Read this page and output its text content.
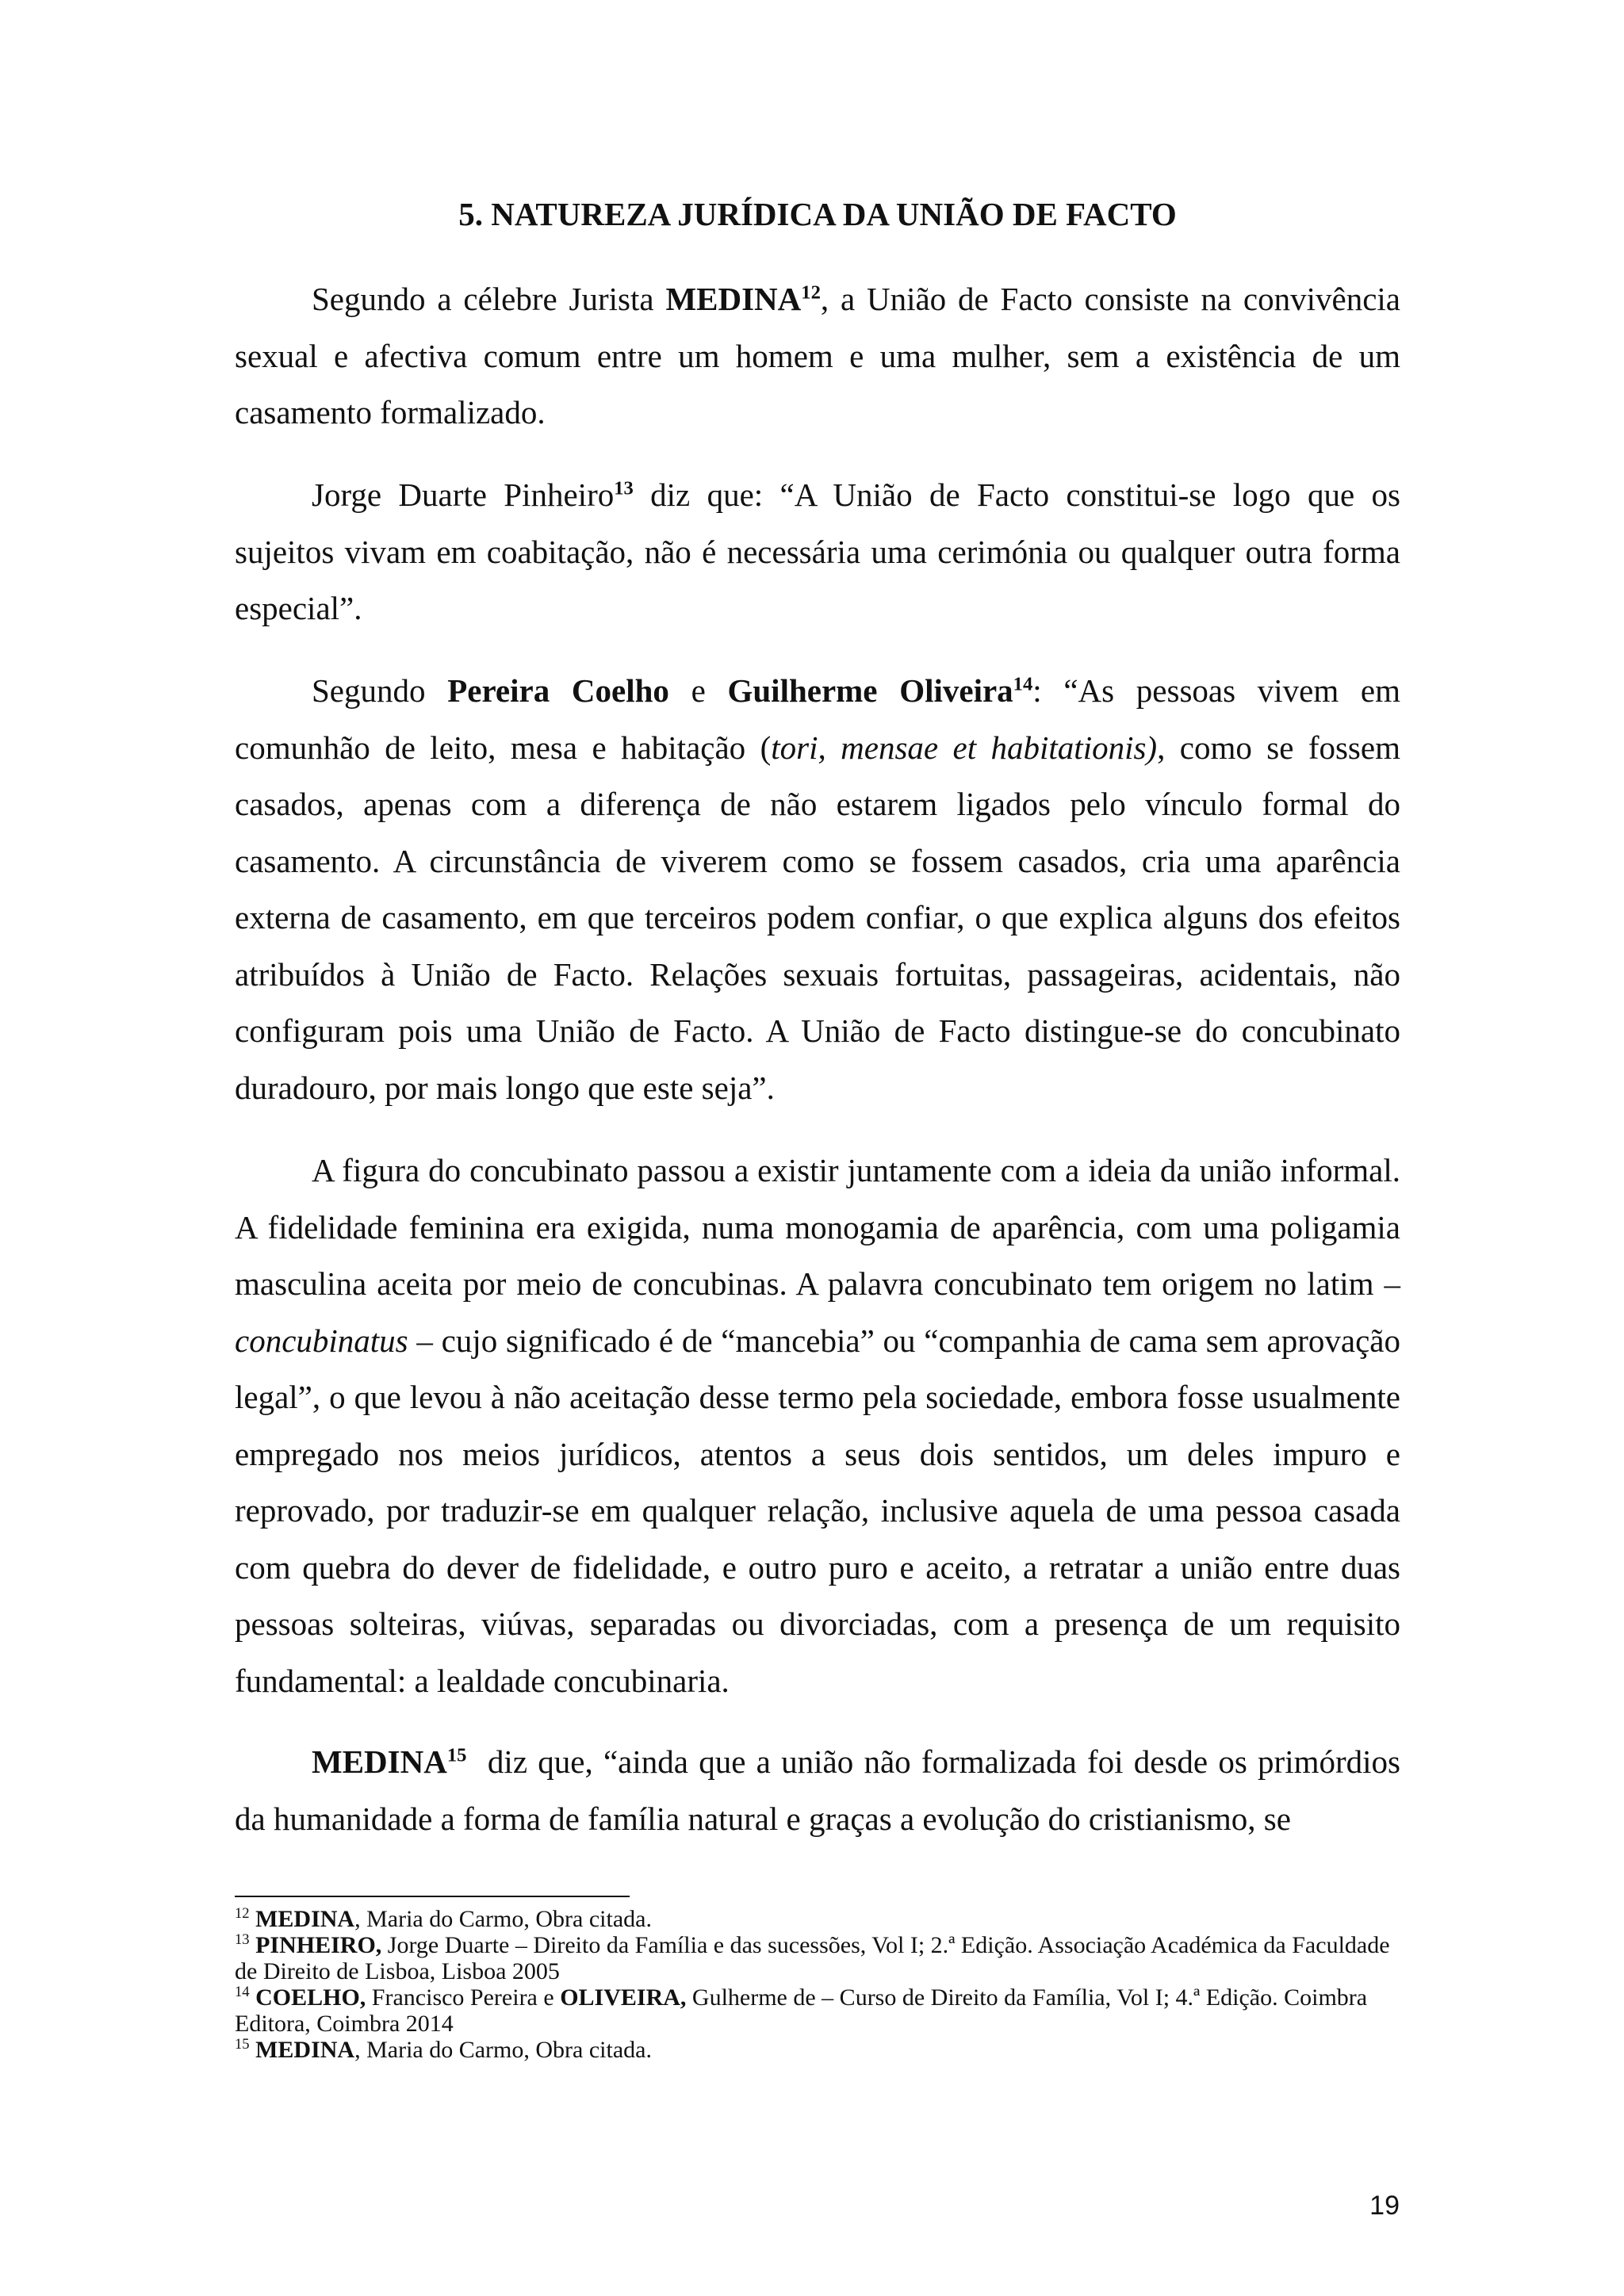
5. NATUREZA JURÍDICA DA UNIÃO DE FACTO

Segundo a célebre Jurista MEDINA$^{12}$, a União de Facto consiste na convivência sexual e afectiva comum entre um homem e uma mulher, sem a existência de um casamento formalizado.

Jorge Duarte Pinheiro$^{13}$ diz que: “A União de Facto constitui-se logo que os sujeitos vivam em coabitação, não é necessária uma cerimónia ou qualquer outra forma especial”.

Segundo Pereira Coelho e Guilherme Oliveira$^{14}$: “As pessoas vivem em comunhão de leito, mesa e habitação (tori, mensae et habitationis), como se fossem casados, apenas com a diferença de não estarem ligados pelo vínculo formal do casamento. A circunstância de viverem como se fossem casados, cria uma aparência externa de casamento, em que terceiros podem confiar, o que explica alguns dos efeitos atribuídos à União de Facto. Relações sexuais fortuitas, passageiras, acidentais, não configuram pois uma União de Facto. A União de Facto distingue-se do concubinato duradouro, por mais longo que este seja”.

A figura do concubinato passou a existir juntamente com a ideia da união informal. A fidelidade feminina era exigida, numa monogamia de aparência, com uma poligamia masculina aceita por meio de concubinas. A palavra concubinato tem origem no latim – concubinatus – cujo significado é de “mancebia” ou “companhia de cama sem aprovação legal”, o que levou à não aceitação desse termo pela sociedade, embora fosse usualmente empregado nos meios jurídicos, atentos a seus dois sentidos, um deles impuro e reprovado, por traduzir-se em qualquer relação, inclusive aquela de uma pessoa casada com quebra do dever de fidelidade, e outro puro e aceito, a retratar a união entre duas pessoas solteiras, viúvas, separadas ou divorciadas, com a presença de um requisito fundamental: a lealdade concubinaria.

MEDINA$^{15}$  diz que, “ainda que a união não formalizada foi desde os primórdios da humanidade a forma de família natural e graças a evolução do cristianismo, se

$^{12}$ MEDINA, Maria do Carmo, Obra citada.

$^{13}$ PINHEIRO, Jorge Duarte – Direito da Família e das sucessões, Vol I; 2.ª Edição. Associação Académica da Faculdade de Direito de Lisboa, Lisboa 2005

$^{14}$ COELHO, Francisco Pereira e OLIVEIRA, Gulherme de – Curso de Direito da Família, Vol I; 4.ª Edição. Coimbra Editora, Coimbra 2014

$^{15}$ MEDINA, Maria do Carmo, Obra citada.

19
